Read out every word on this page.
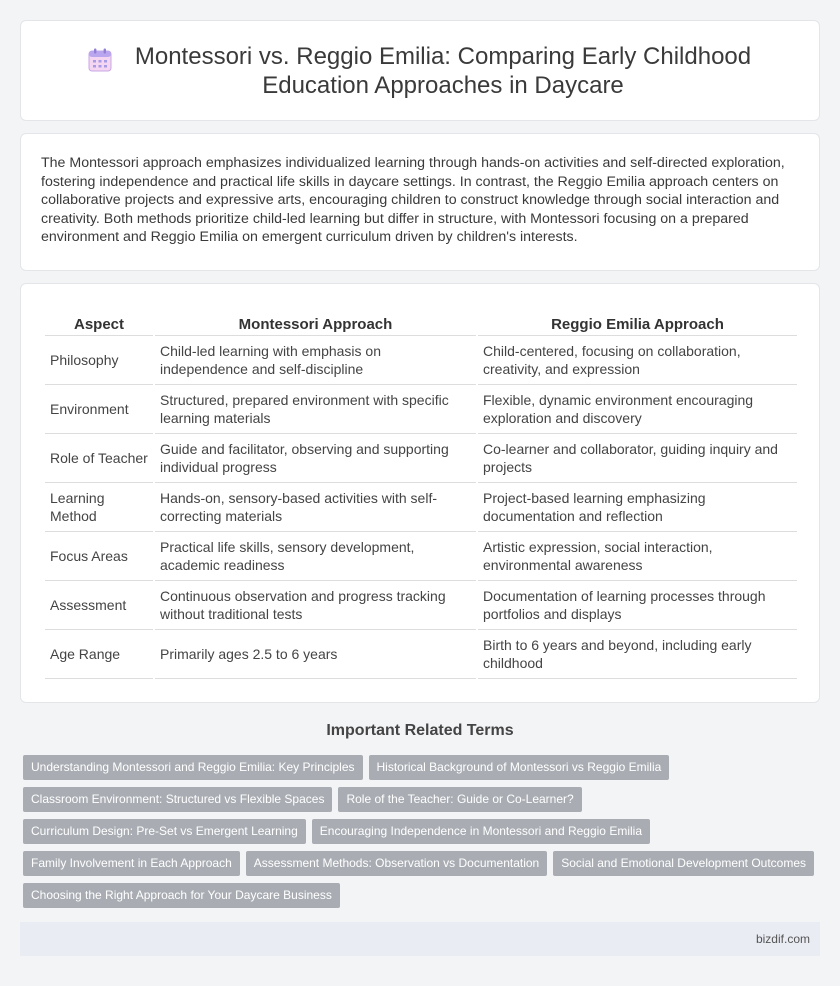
Montessori vs. Reggio Emilia: Comparing Early Childhood Education Approaches in Daycare

The Montessori approach emphasizes individualized learning through hands-on activities and self-directed exploration, fostering independence and practical life skills in daycare settings. In contrast, the Reggio Emilia approach centers on collaborative projects and expressive arts, encouraging children to construct knowledge through social interaction and creativity. Both methods prioritize child-led learning but differ in structure, with Montessori focusing on a prepared environment and Reggio Emilia on emergent curriculum driven by children's interests.

Aspect	Montessori Approach	Reggio Emilia Approach
Philosophy	Child-led learning with emphasis on independence and self-discipline	Child-centered, focusing on collaboration, creativity, and expression
Environment	Structured, prepared environment with specific learning materials	Flexible, dynamic environment encouraging exploration and discovery
Role of Teacher	Guide and facilitator, observing and supporting individual progress	Co-learner and collaborator, guiding inquiry and projects
Learning Method	Hands-on, sensory-based activities with self-correcting materials	Project-based learning emphasizing documentation and reflection
Focus Areas	Practical life skills, sensory development, academic readiness	Artistic expression, social interaction, environmental awareness
Assessment	Continuous observation and progress tracking without traditional tests	Documentation of learning processes through portfolios and displays
Age Range	Primarily ages 2.5 to 6 years	Birth to 6 years and beyond, including early childhood
Important Related Terms
Understanding Montessori and Reggio Emilia: Key Principles	Historical Background of Montessori vs Reggio Emilia
Classroom Environment: Structured vs Flexible Spaces	Role of the Teacher: Guide or Co-Learner?
Curriculum Design: Pre-Set vs Emergent Learning	Encouraging Independence in Montessori and Reggio Emilia
Family Involvement in Each Approach	Assessment Methods: Observation vs Documentation	Social and Emotional Development Outcomes
Choosing the Right Approach for Your Daycare Business
bizdif.com
